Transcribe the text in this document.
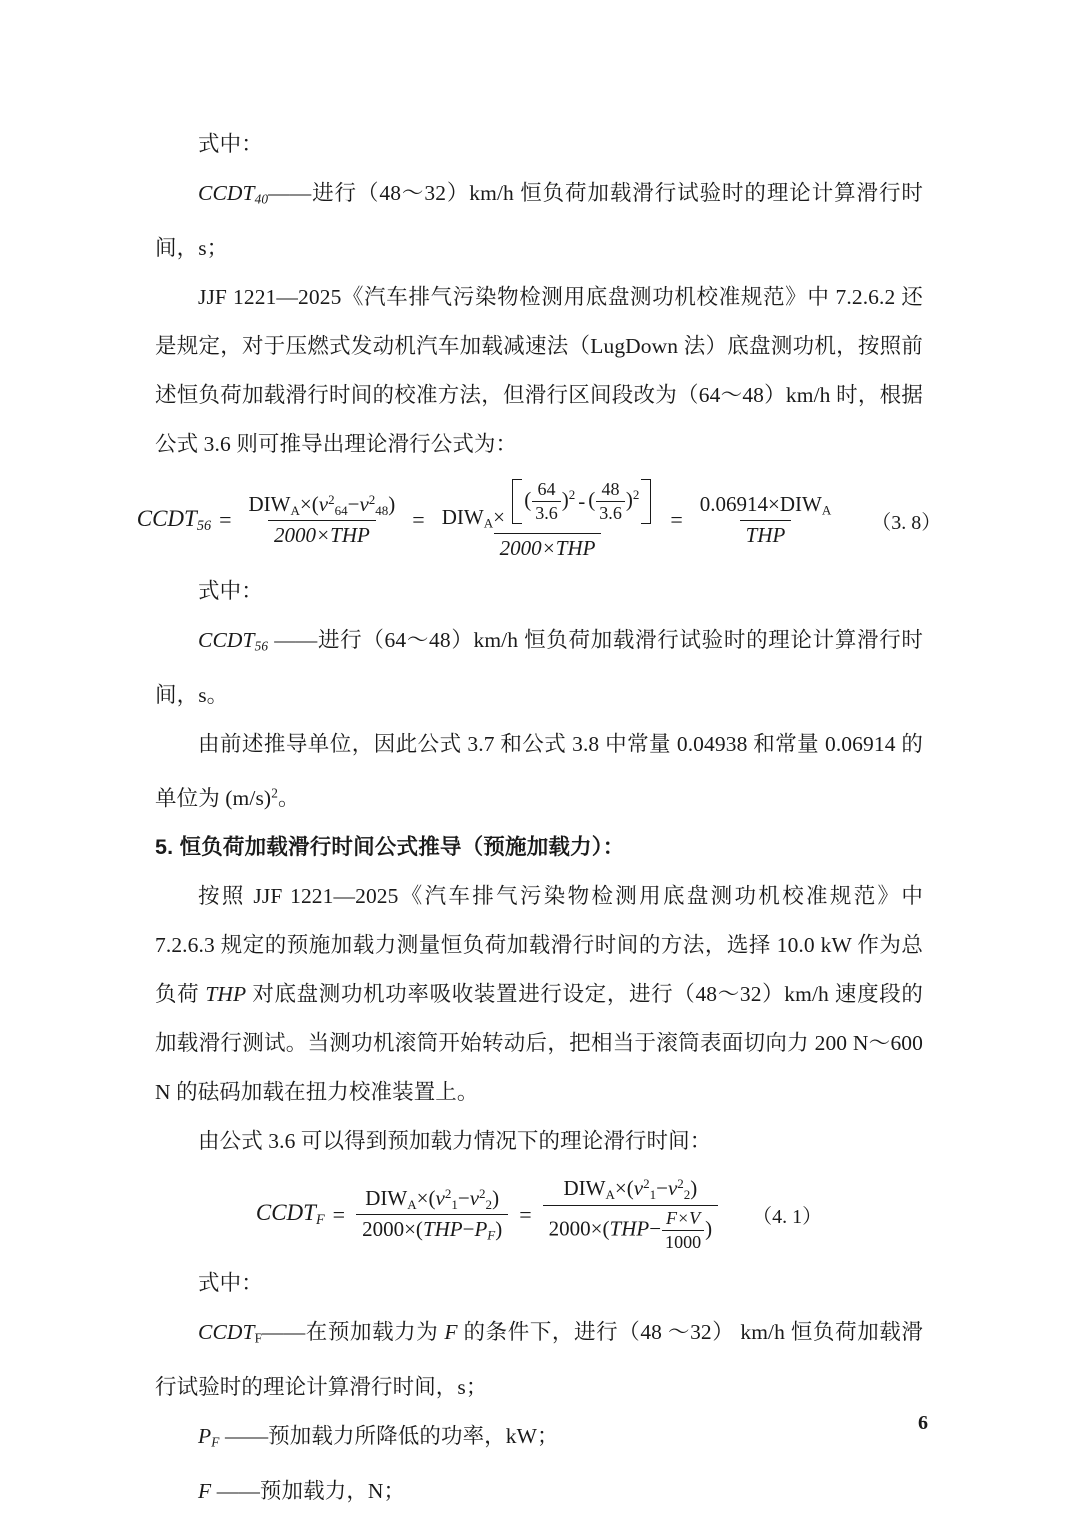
式中：

$CCDT_{40}——$进行（48～32）km/h 恒负荷加载滑行试验时的理论计算滑行时间，s；

JJF 1221—2025《汽车排气污染物检测用底盘测功机校准规范》中 7.2.6.2 还是规定，对于压燃式发动机汽车加载减速法（LugDown 法）底盘测功机，按照前述恒负荷加载滑行时间的校准方法，但滑行区间段改为（64～48）km/h 时，根据公式 3.6 则可推导出理论滑行公式为：

$CCDT_{56} = \frac{DIW_A\times(v^2_{64}-v^2_{48})}{\text{2000×THP}} = DIW_A\times$
( $\frac{64}{3.6} )^2$ - ( $\frac{48}{3.6} )^2$
2000×THP
= $\frac{0.06914\times DIW_A}{\text{THP}} (3$. 8）

式中：

$CCDT_{56}$ ——进行（64～48）km/h 恒负荷加载滑行试验时的理论计算滑行时间，s。

由前述推导单位，因此公式 3.7 和公式 3.8 中常量 0.04938 和常量 0.06914 的单位为 $(m/s)^2$。

5. 恒负荷加载滑行时间公式推导（预施加载力）：

按照 JJF 1221—2025《汽车排气污染物检测用底盘测功机校准规范》中 7.2.6.3 规定的预施加载力测量恒负荷加载滑行时间的方法，选择 10.0 kW 作为总负荷 THP 对底盘测功机功率吸收装置进行设定，进行（48～32）km/h 速度段的加载滑行测试。当测功机滚筒开始转动后，把相当于滚筒表面切向力 200 N～600 N 的砝码加载在扭力校准装置上。

由公式 3.6 可以得到预加载力情况下的理论滑行时间：

$CCDT_F = \frac{DIW_A\times(v^2_1-v^2_2)}{2000\times(THP-P_F)} = \frac{DIW_A\times(v^2_1-v^2_2)}{2000\times(THP- \frac{F\times V}{1000} )} (4$. 1）

式中：

$CCDT_F——$在预加载力为 F 的条件下，进行（48 ～32） km/h 恒负荷加载滑行试验时的理论计算滑行时间，s；

$P_F$ ——预加载力所降低的功率，kW；

F ——预加载力，N；

6
